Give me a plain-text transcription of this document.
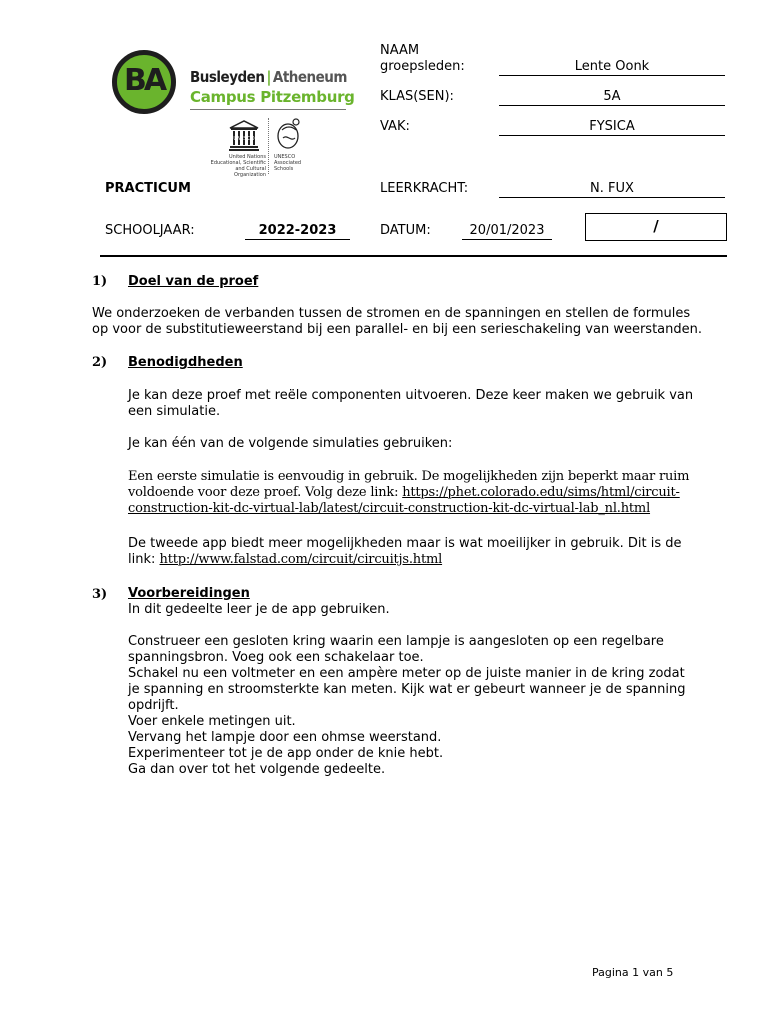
BA	Busleyden | Atheneum
Campus Pitzemburg
UNESCO
United Nations Educational, Scientific and Cultural Organization
UNESCO Associated Schools
NAAM
groepsleden:	Lente Oonk
KLAS(SEN):	5A
VAK:	FYSICA
PRACTICUM	LEERKRACHT:	N. FUX
SCHOOLJAAR:	2022-2023	DATUM:	20/01/2023	/
1) Doel van de proef
We onderzoeken de verbanden tussen de stromen en de spanningen en stellen de formules
op voor de substitutieweerstand bij een parallel- en bij een serieschakeling van weerstanden.
2) Benodigdheden
Je kan deze proef met reële componenten uitvoeren. Deze keer maken we gebruik van
een simulatie.
Je kan één van de volgende simulaties gebruiken:
Een eerste simulatie is eenvoudig in gebruik. De mogelijkheden zijn beperkt maar ruim
voldoende voor deze proef. Volg deze link: https://phet.colorado.edu/sims/html/circuit-
construction-kit-dc-virtual-lab/latest/circuit-construction-kit-dc-virtual-lab_nl.html
De tweede app biedt meer mogelijkheden maar is wat moeilijker in gebruik. Dit is de
link: http://www.falstad.com/circuit/circuitjs.html
3) Voorbereidingen
In dit gedeelte leer je de app gebruiken.
Construeer een gesloten kring waarin een lampje is aangesloten op een regelbare
spanningsbron. Voeg ook een schakelaar toe.
Schakel nu een voltmeter en een ampère meter op de juiste manier in de kring zodat
je spanning en stroomsterkte kan meten. Kijk wat er gebeurt wanneer je de spanning
opdrijft.
Voer enkele metingen uit.
Vervang het lampje door een ohmse weerstand.
Experimenteer tot je de app onder de knie hebt.
Ga dan over tot het volgende gedeelte.
Pagina 1 van 5
